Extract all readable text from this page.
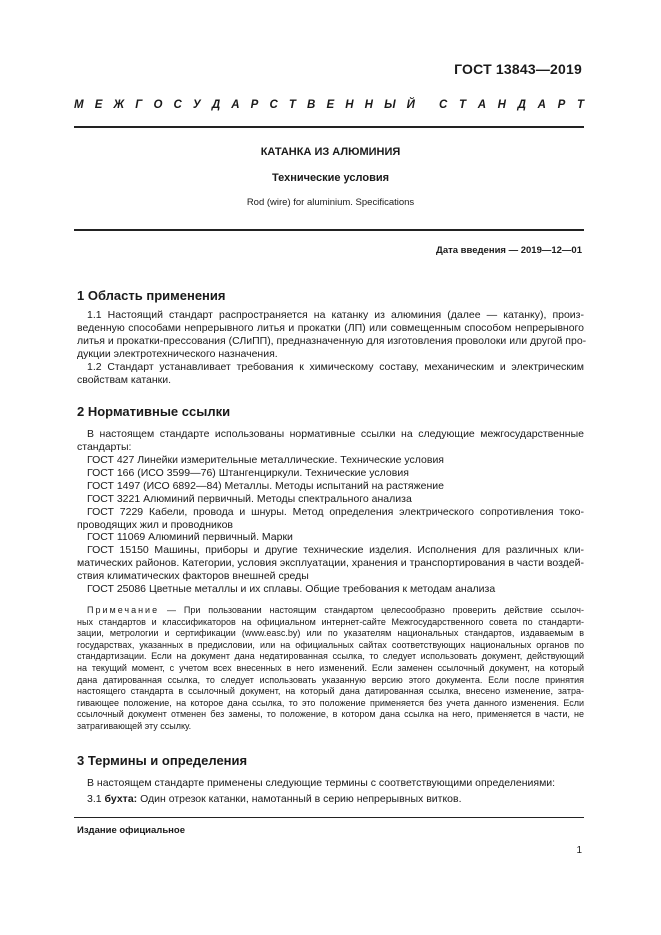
ГОСТ 13843—2019
М Е Ж Г О С У Д А Р С Т В Е Н Н Ы Й С Т А Н Д А Р Т
КАТАНКА ИЗ АЛЮМИНИЯ
Технические условия
Rod (wire) for aluminium. Specifications
Дата введения — 2019—12—01
1 Область применения
1.1 Настоящий стандарт распространяется на катанку из алюминия (далее — катанку), произ-
веденную способами непрерывного литья и прокатки (ЛП) или совмещенным способом непрерывного
литья и прокатки-прессования (СЛиПП), предназначенную для изготовления проволоки или другой про-
дукции электротехнического назначения.
1.2 Стандарт устанавливает требования к химическому составу, механическим и электрическим
свойствам катанки.
2 Нормативные ссылки
В настоящем стандарте использованы нормативные ссылки на следующие межгосударственные
стандарты:
ГОСТ 427 Линейки измерительные металлические. Технические условия
ГОСТ 166 (ИСО 3599—76) Штангенциркули. Технические условия
ГОСТ 1497 (ИСО 6892—84) Металлы. Методы испытаний на растяжение
ГОСТ 3221 Алюминий первичный. Методы спектрального анализа
ГОСТ 7229 Кабели, провода и шнуры. Метод определения электрического сопротивления токо-
проводящих жил и проводников
ГОСТ 11069 Алюминий первичный. Марки
ГОСТ 15150 Машины, приборы и другие технические изделия. Исполнения для различных кли-
матических районов. Категории, условия эксплуатации, хранения и транспортирования в части воздей-
ствия климатических факторов внешней среды
ГОСТ 25086 Цветные металлы и их сплавы. Общие требования к методам анализа
Примечание — При пользовании настоящим стандартом целесообразно проверить действие ссылоч-
ных стандартов и классификаторов на официальном интернет-сайте Межгосударственного совета по стандарти-
зации, метрологии и сертификации (www.easc.by) или по указателям национальных стандартов, издаваемым в
государствах, указанных в предисловии, или на официальных сайтах соответствующих национальных органов по
стандартизации. Если на документ дана недатированная ссылка, то следует использовать документ, действующий
на текущий момент, с учетом всех внесенных в него изменений. Если заменен ссылочный документ, на который
дана датированная ссылка, то следует использовать указанную версию этого документа. Если после принятия
настоящего стандарта в ссылочный документ, на который дана датированная ссылка, внесено изменение, затра-
гивающее положение, на которое дана ссылка, то это положение применяется без учета данного изменения. Если
ссылочный документ отменен без замены, то положение, в котором дана ссылка на него, применяется в части, не
затрагивающей эту ссылку.
3 Термины и определения
В настоящем стандарте применены следующие термины с соответствующими определениями:
3.1 бухта: Один отрезок катанки, намотанный в серию непрерывных витков.
Издание официальное
1
